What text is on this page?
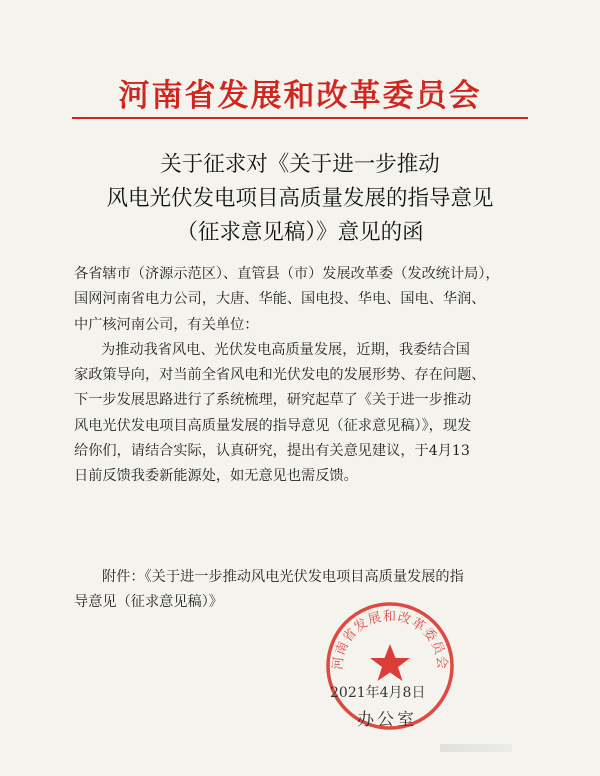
河南省发展和改革委员会
关于征求对《关于进一步推动
风电光伏发电项目高质量发展的指导意见
（征求意见稿）》意见的函
各省辖市（济源示范区）、直管县（市）发展改革委（发改统计局），
国网河南省电力公司，大唐、华能、国电投、华电、国电、华润、
中广核河南公司，有关单位：
为推动我省风电、光伏发电高质量发展，近期，我委结合国
家政策导向，对当前全省风电和光伏发电的发展形势、存在问题、
下一步发展思路进行了系统梳理，研究起草了《关于进一步推动
风电光伏发电项目高质量发展的指导意见（征求意见稿）》，现发
给你们，请结合实际，认真研究，提出有关意见建议，于4月13
日前反馈我委新能源处，如无意见也需反馈。
附件：《关于进一步推动风电光伏发电项目高质量发展的指
导意见（征求意见稿）》
河南省发展和改革委员会
2021年4月8日
办公室
